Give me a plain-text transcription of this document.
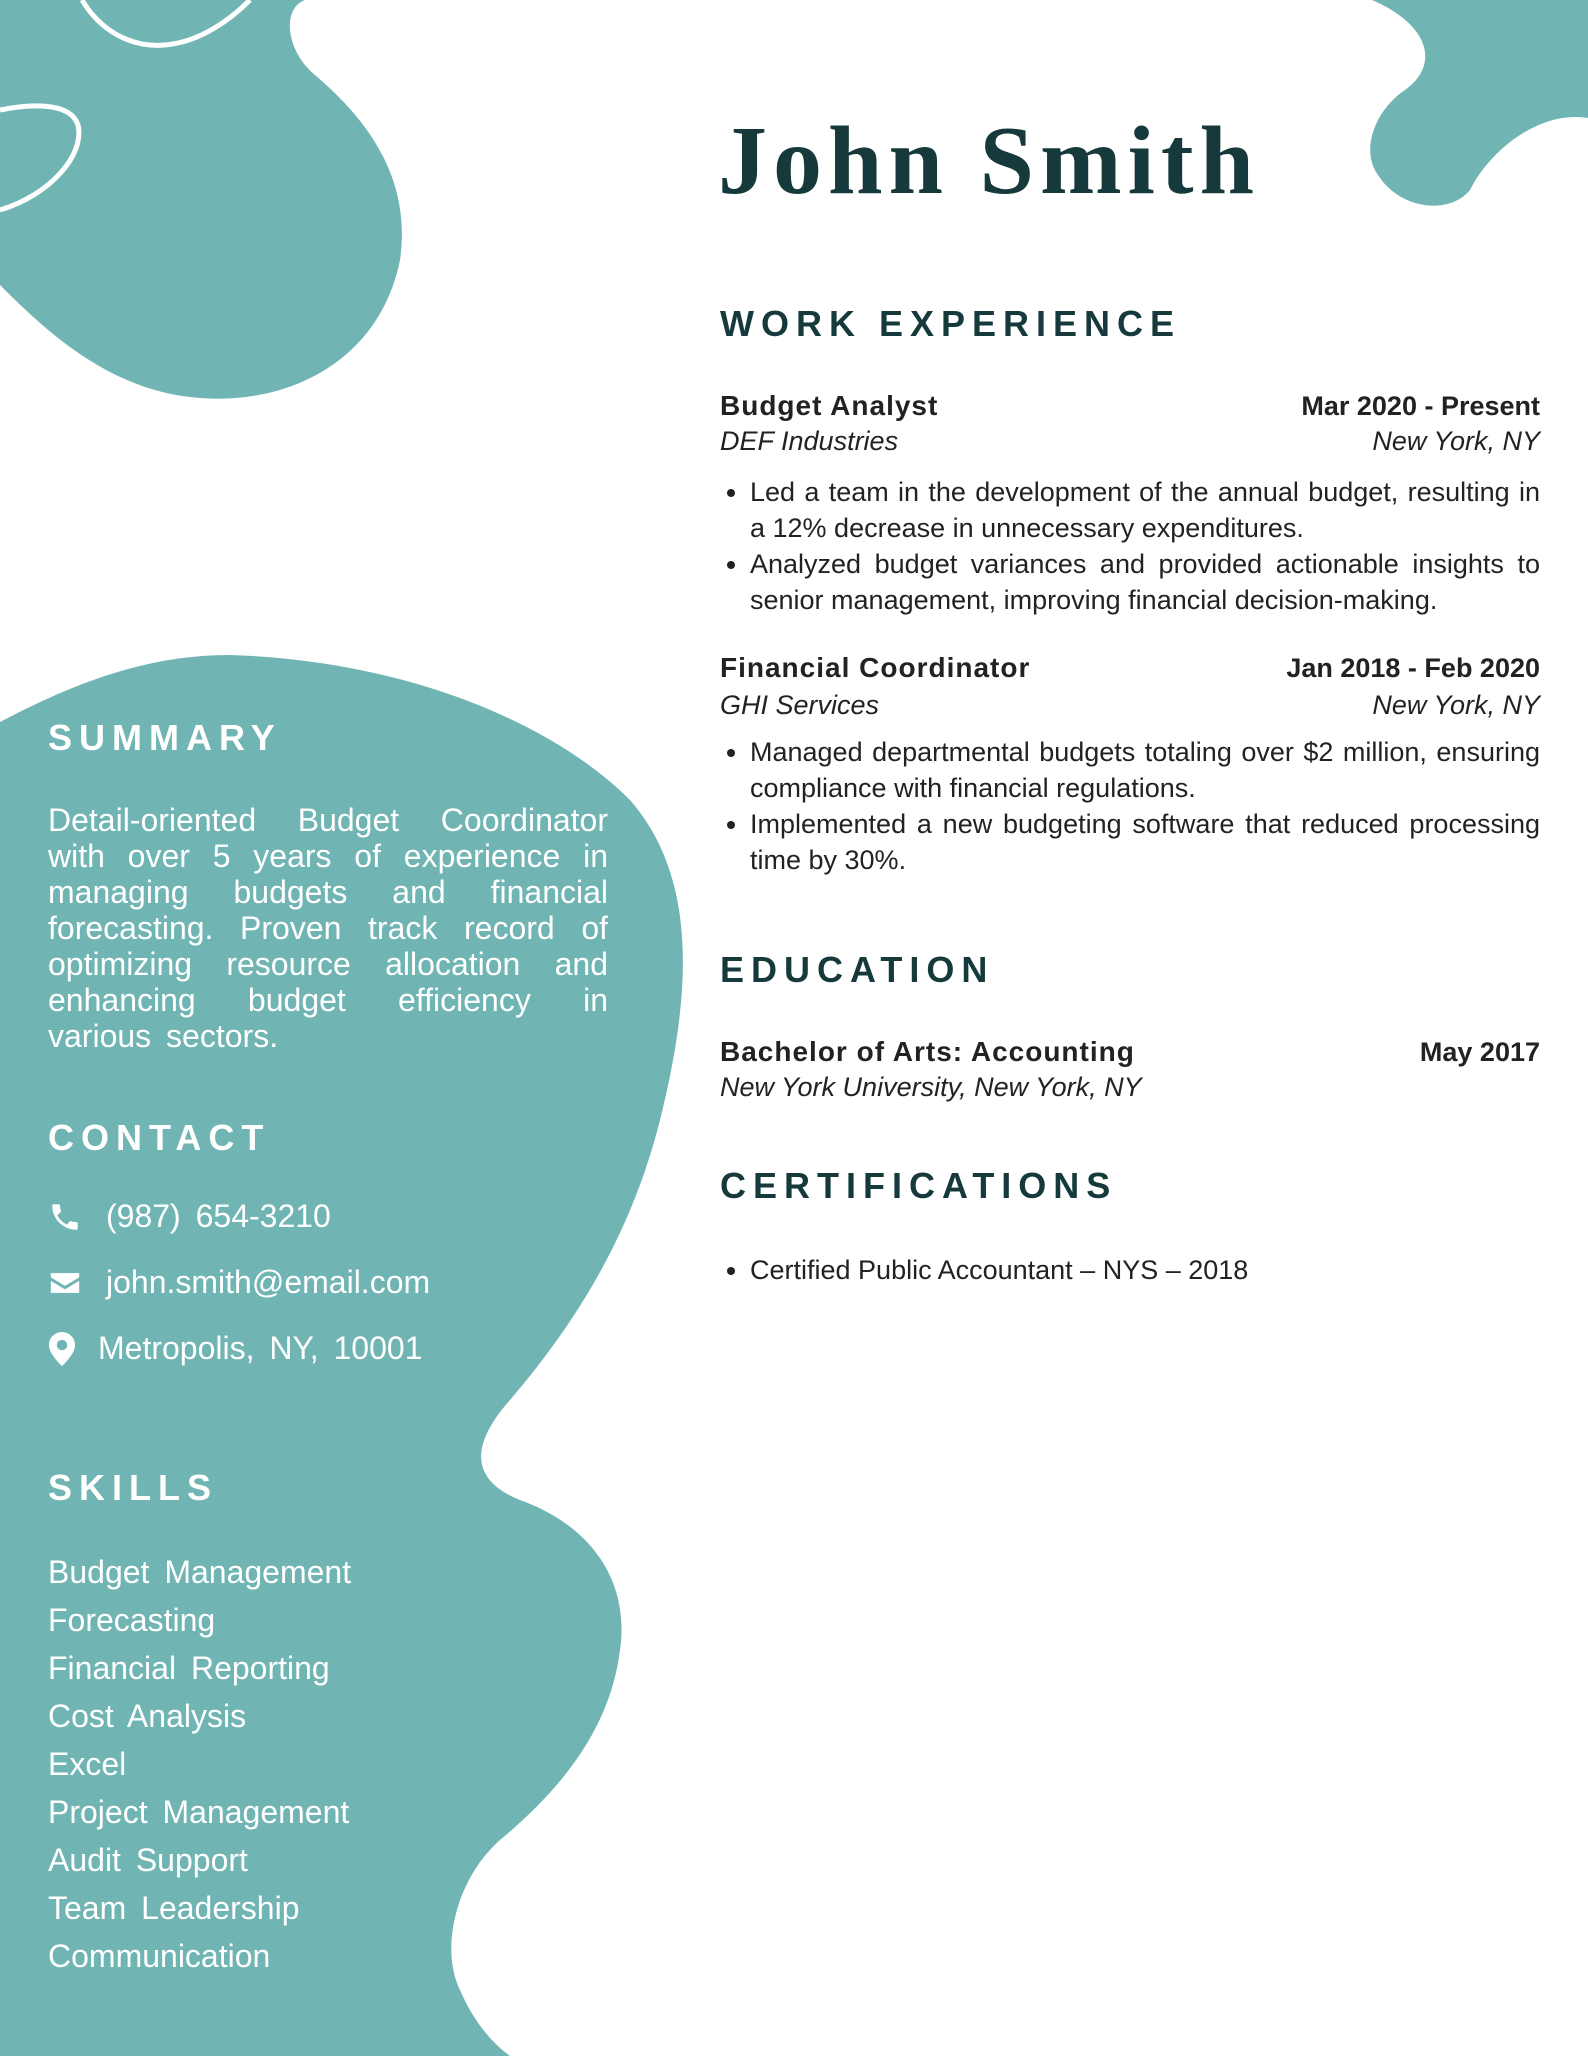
John Smith
WORK EXPERIENCE
Budget Analyst	Mar 2020 - Present
DEF Industries	New York, NY
• Led a team in the development of the annual budget, resulting in a 12% decrease in unnecessary expenditures.
• Analyzed budget variances and provided actionable insights to senior management, improving financial decision-making.
Financial Coordinator	Jan 2018 - Feb 2020
GHI Services	New York, NY
• Managed departmental budgets totaling over $2 million, ensuring compliance with financial regulations.
• Implemented a new budgeting software that reduced processing time by 30%.
EDUCATION
Bachelor of Arts: Accounting	May 2017
New York University, New York, NY
CERTIFICATIONS
• Certified Public Accountant – NYS – 2018
SUMMARY

Detail-oriented Budget Coordinator with over 5 years of experience in managing budgets and financial forecasting. Proven track record of optimizing resource allocation and enhancing budget efficiency in various sectors.

CONTACT
(987) 654-3210
john.smith@email.com
Metropolis, NY, 10001
SKILLS
Budget Management
Forecasting
Financial Reporting
Cost Analysis
Excel
Project Management
Audit Support
Team Leadership
Communication
